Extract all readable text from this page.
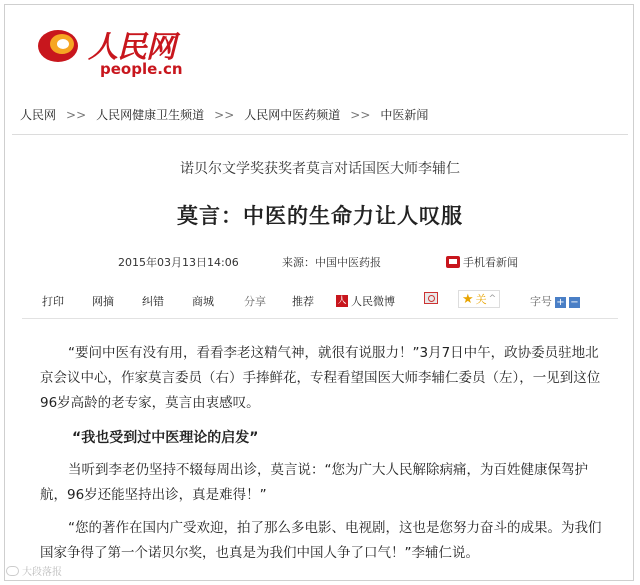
人民网
people.cn
人民网 >> 人民网健康卫生频道 >> 人民网中医药频道 >> 中医新闻
诺贝尔文学奖获奖者莫言对话国医大师李辅仁
莫言：中医的生命力让人叹服
2015年03月13日14:06	来源：中国中医药报	手机看新闻
打印	网摘	纠错	商城	分享 推荐	人 人民微博	★ 关 ^	字号 + −
“要问中医有没有用，看看李老这精气神，就很有说服力！”3月7日中午，政协委员驻地北京会议中心，作家莫言委员（右）手捧鲜花，专程看望国医大师李辅仁委员（左），一见到这位96岁高龄的老专家，莫言由衷感叹。
“我也受到过中医理论的启发”
当听到李老仍坚持不辍每周出诊，莫言说：“您为广大人民解除病痛，为百姓健康保驾护航，96岁还能坚持出诊，真是难得！”
“您的著作在国内广受欢迎，拍了那么多电影、电视剧，这也是您努力奋斗的成果。为我们国家争得了第一个诺贝尔奖，也真是为我们中国人争了口气！”李辅仁说。
大段落报
